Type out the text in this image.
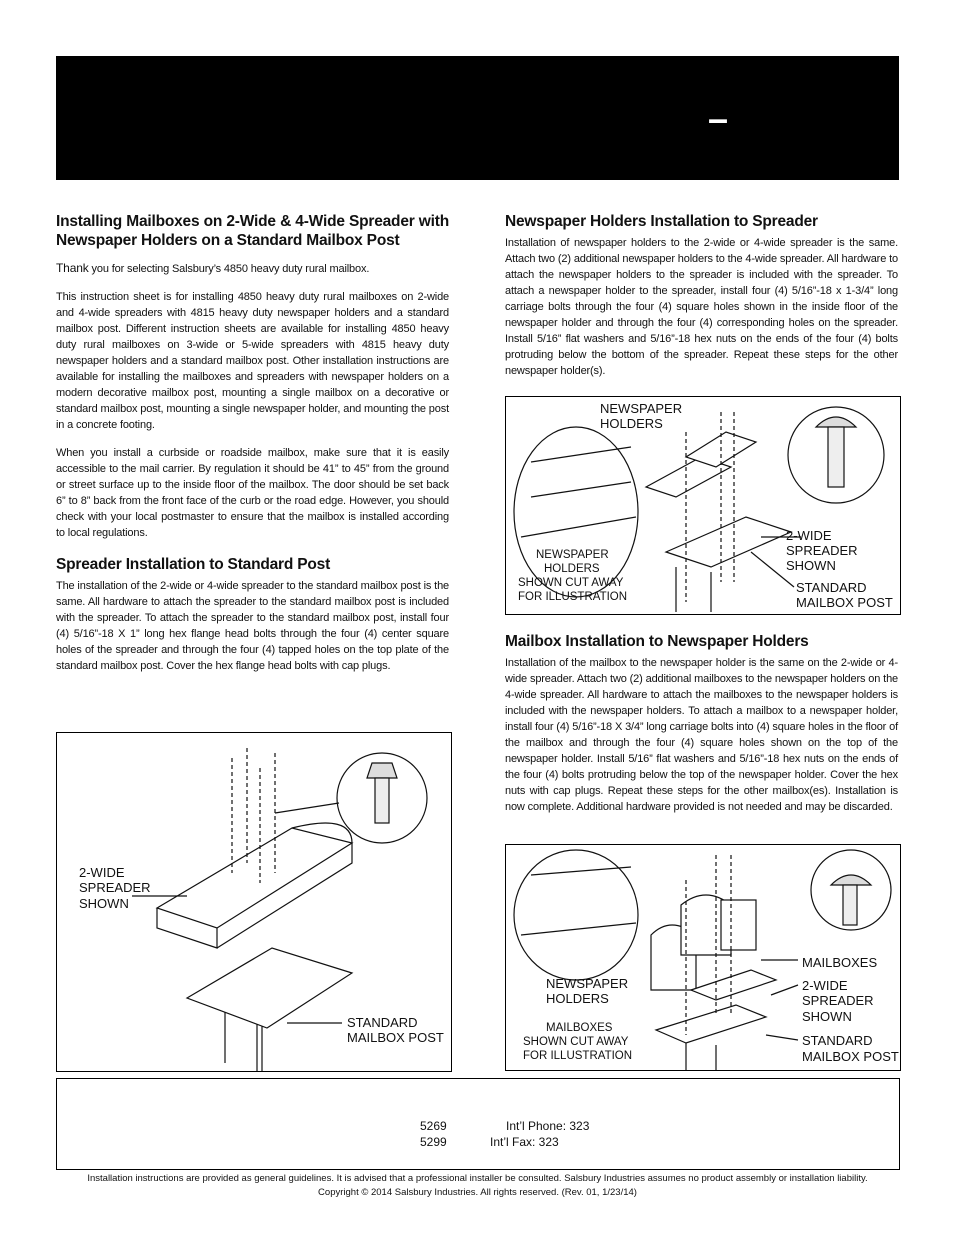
–
Installing Mailboxes on 2-Wide & 4-Wide Spreader with Newspaper Holders on a Standard Mailbox Post

Thank you for selecting Salsbury’s 4850 heavy duty rural mailbox.

This instruction sheet is for installing 4850 heavy duty rural mailboxes on 2-wide and 4-wide spreaders with 4815 heavy duty newspaper holders and a standard mailbox post. Different instruction sheets are available for installing 4850 heavy duty rural mailboxes on 3-wide or 5-wide spreaders with 4815 heavy duty newspaper holders and a standard mailbox post. Other installation instructions are available for installing the mailboxes and spreaders with newspaper holders on a modern decorative mailbox post, mounting a single mailbox on a decorative or standard mailbox post, mounting a single newspaper holder, and mounting the post in a concrete footing.

When you install a curbside or roadside mailbox, make sure that it is easily accessible to the mail carrier. By regulation it should be 41” to 45” from the ground or street surface up to the inside floor of the mailbox. The door should be set back 6” to 8” back from the front face of the curb or the road edge. However, you should check with your local postmaster to ensure that the mailbox is installed according to local regulations.

Spreader Installation to Standard Post

The installation of the 2-wide or 4-wide spreader to the standard mailbox post is the same. All hardware to attach the spreader to the standard mailbox post is included with the spreader. To attach the spreader to the standard mailbox post, install four (4) 5/16”-18 X 1” long hex flange head bolts through the four (4) center square holes of the spreader and through the four (4) tapped holes on the top plate of the standard mailbox post. Cover the hex flange head bolts with cap plugs.

Newspaper Holders Installation to Spreader

Installation of newspaper holders to the 2-wide or 4-wide spreader is the same. Attach two (2) additional newspaper holders to the 4-wide spreader. All hardware to attach the newspaper holders to the spreader is included with the spreader. To attach a newspaper holder to the spreader, install four (4) 5/16”-18 x 1-3/4” long carriage bolts through the four (4) square holes shown in the inside floor of the newspaper holder and through the four (4) corresponding holes on the spreader. Install 5/16” flat washers and 5/16”-18 hex nuts on the ends of the four (4) bolts protruding below the bottom of the spreader. Repeat these steps for the other newspaper holder(s).

Mailbox Installation to Newspaper Holders

Installation of the mailbox to the newspaper holder is the same on the 2-wide or 4-wide spreader. Attach two (2) additional mailboxes to the newspaper holders on the 4-wide spreader. All hardware to attach the mailboxes to the newspaper holders is included with the newspaper holders. To attach a mailbox to a newspaper holder, install four (4) 5/16”-18 X 3/4” long carriage bolts into (4) square holes in the floor of the mailbox and through the four (4) square holes shown on the top of the newspaper holder. Install 5/16” flat washers and 5/16”-18 hex nuts on the ends of the four (4) bolts protruding below the top of the newspaper holder. Cover the hex nuts with cap plugs. Repeat these steps for the other mailbox(es). Installation is now complete. Additional hardware provided is not needed and may be discarded.

2-WIDE
SPREADER
SHOWN
STANDARD
MAILBOX POST
NEWSPAPER
HOLDERS
2-WIDE
SPREADER
SHOWN
STANDARD
MAILBOX POST
NEWSPAPER
HOLDERS
SHOWN CUT AWAY
FOR ILLUSTRATION
NEWSPAPER
HOLDERS
MAILBOXES
2-WIDE
SPREADER
SHOWN
STANDARD
MAILBOX POST
MAILBOXES
SHOWN CUT AWAY
FOR ILLUSTRATION
5269	Int’l Phone: 323
5299	Int’l Fax: 323
Installation instructions are provided as general guidelines. It is advised that a professional installer be consulted. Salsbury Industries assumes no product assembly or installation liability.
Copyright © 2014 Salsbury Industries. All rights reserved. (Rev. 01, 1/23/14)
